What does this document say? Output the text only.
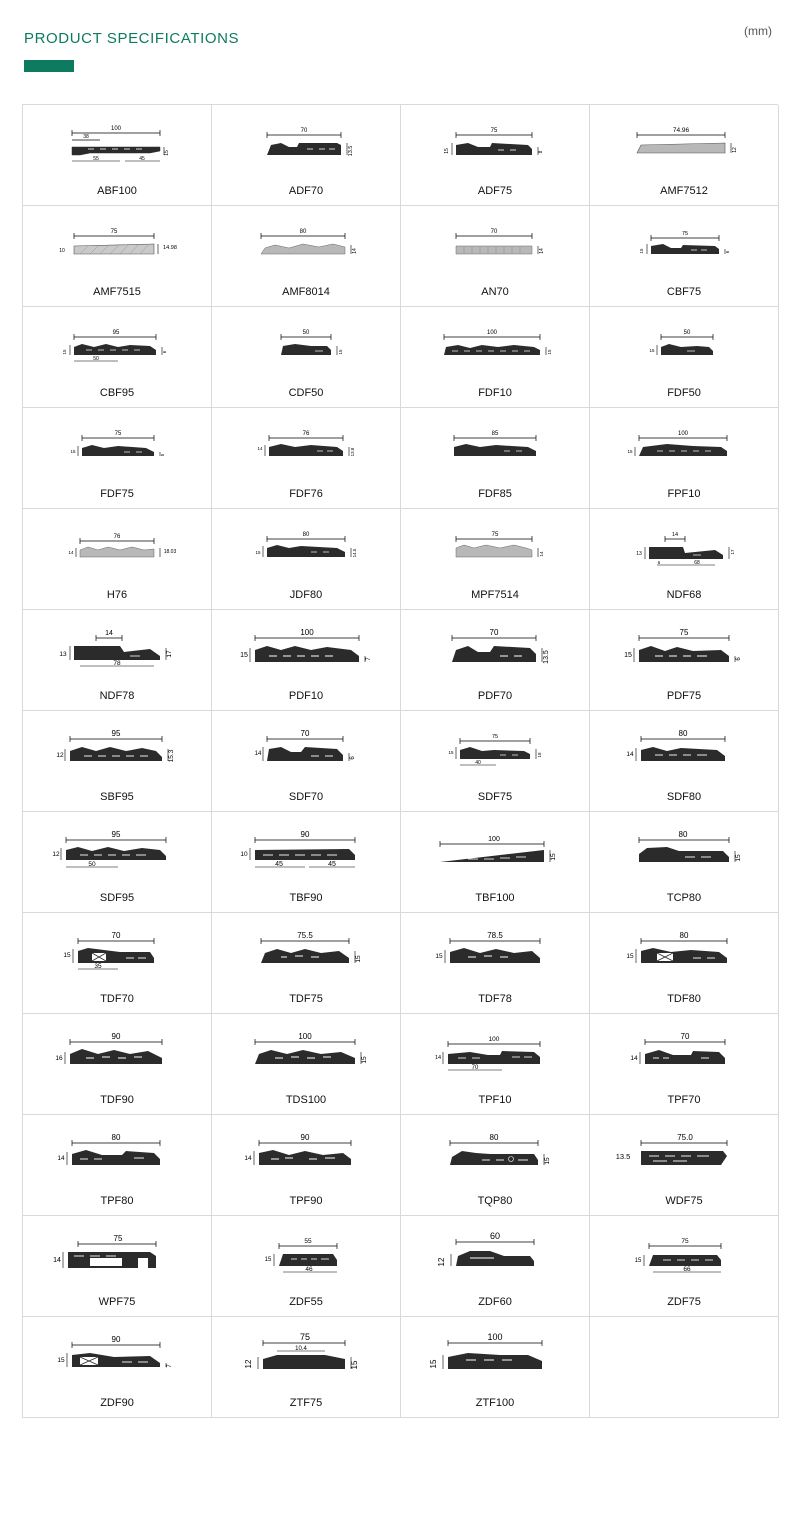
PRODUCT SPECIFICATIONS	(mm)
100
38
55	45
15
ABF100
70
13.5
ADF70
75
15	8
ADF75
74.96
12
AMF7512
75
10	14.98
AMF7515
80
14
AMF8014
70
14
AN70
75
15	6
CBF75
95
15
50
6
CBF95
50
15
CDF50
100
15
FDF10
50
15
FDF50
75
15
5
FDF75
76
14	13.8
FDF76
85
FDF85
100
15
FPF10
76
14	18.03
H76
80
15	14.5
JDF80
75
14
MPF7514
14
13	17
6	68
NDF68
14
13	17
78
NDF78
100
15	7
PDF10
70
13.5
PDF70
75
15	6
PDF75
95
12	15.3
SBF95
70
14
6
SDF70
75
15	18
40
SDF75
80
14
SDF80
95
12
50
SDF95
90
10
45	45
TBF90
100
15
TBF100
80
15
TCP80
70
15
35
TDF70
75.5
15
TDF75
78.5
15
TDF78
80
15
TDF80
90
16
TDF90
100
15
TDS100
100
14
70
TPF10
70
14
TPF70
80
14
TPF80
90
14
TPF90
80
15
TQP80
75.0
13.5
WDF75
75
14
WPF75
55
15
46
ZDF55
60
12
ZDF60
75
15
66
ZDF75
90
15
7
ZDF90
75
10.4
12	15
ZTF75
100
15
ZTF100
